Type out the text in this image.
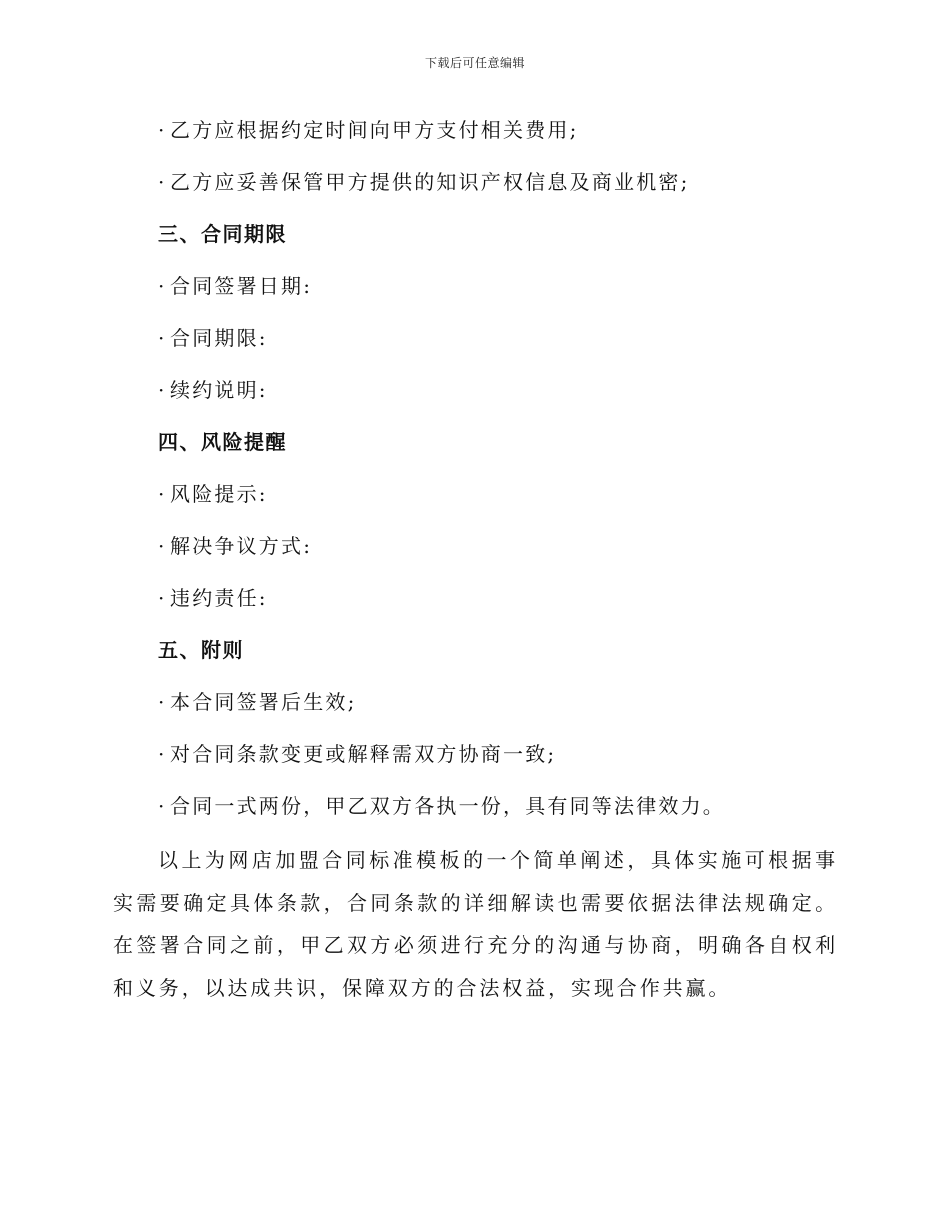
下载后可任意编辑
· 乙方应根据约定时间向甲方支付相关费用;
· 乙方应妥善保管甲方提供的知识产权信息及商业机密;
三、合同期限
· 合同签署日期:
· 合同期限:
· 续约说明:
四、风险提醒
· 风险提示:
· 解决争议方式:
· 违约责任:
五、附则
· 本合同签署后生效;
· 对合同条款变更或解释需双方协商一致;
· 合同一式两份，甲乙双方各执一份，具有同等法律效力。

以上为网店加盟合同标准模板的一个简单阐述，具体实施可根据事实需要确定具体条款，合同条款的详细解读也需要依据法律法规确定。在签署合同之前，甲乙双方必须进行充分的沟通与协商，明确各自权利和义务，以达成共识，保障双方的合法权益，实现合作共赢。
